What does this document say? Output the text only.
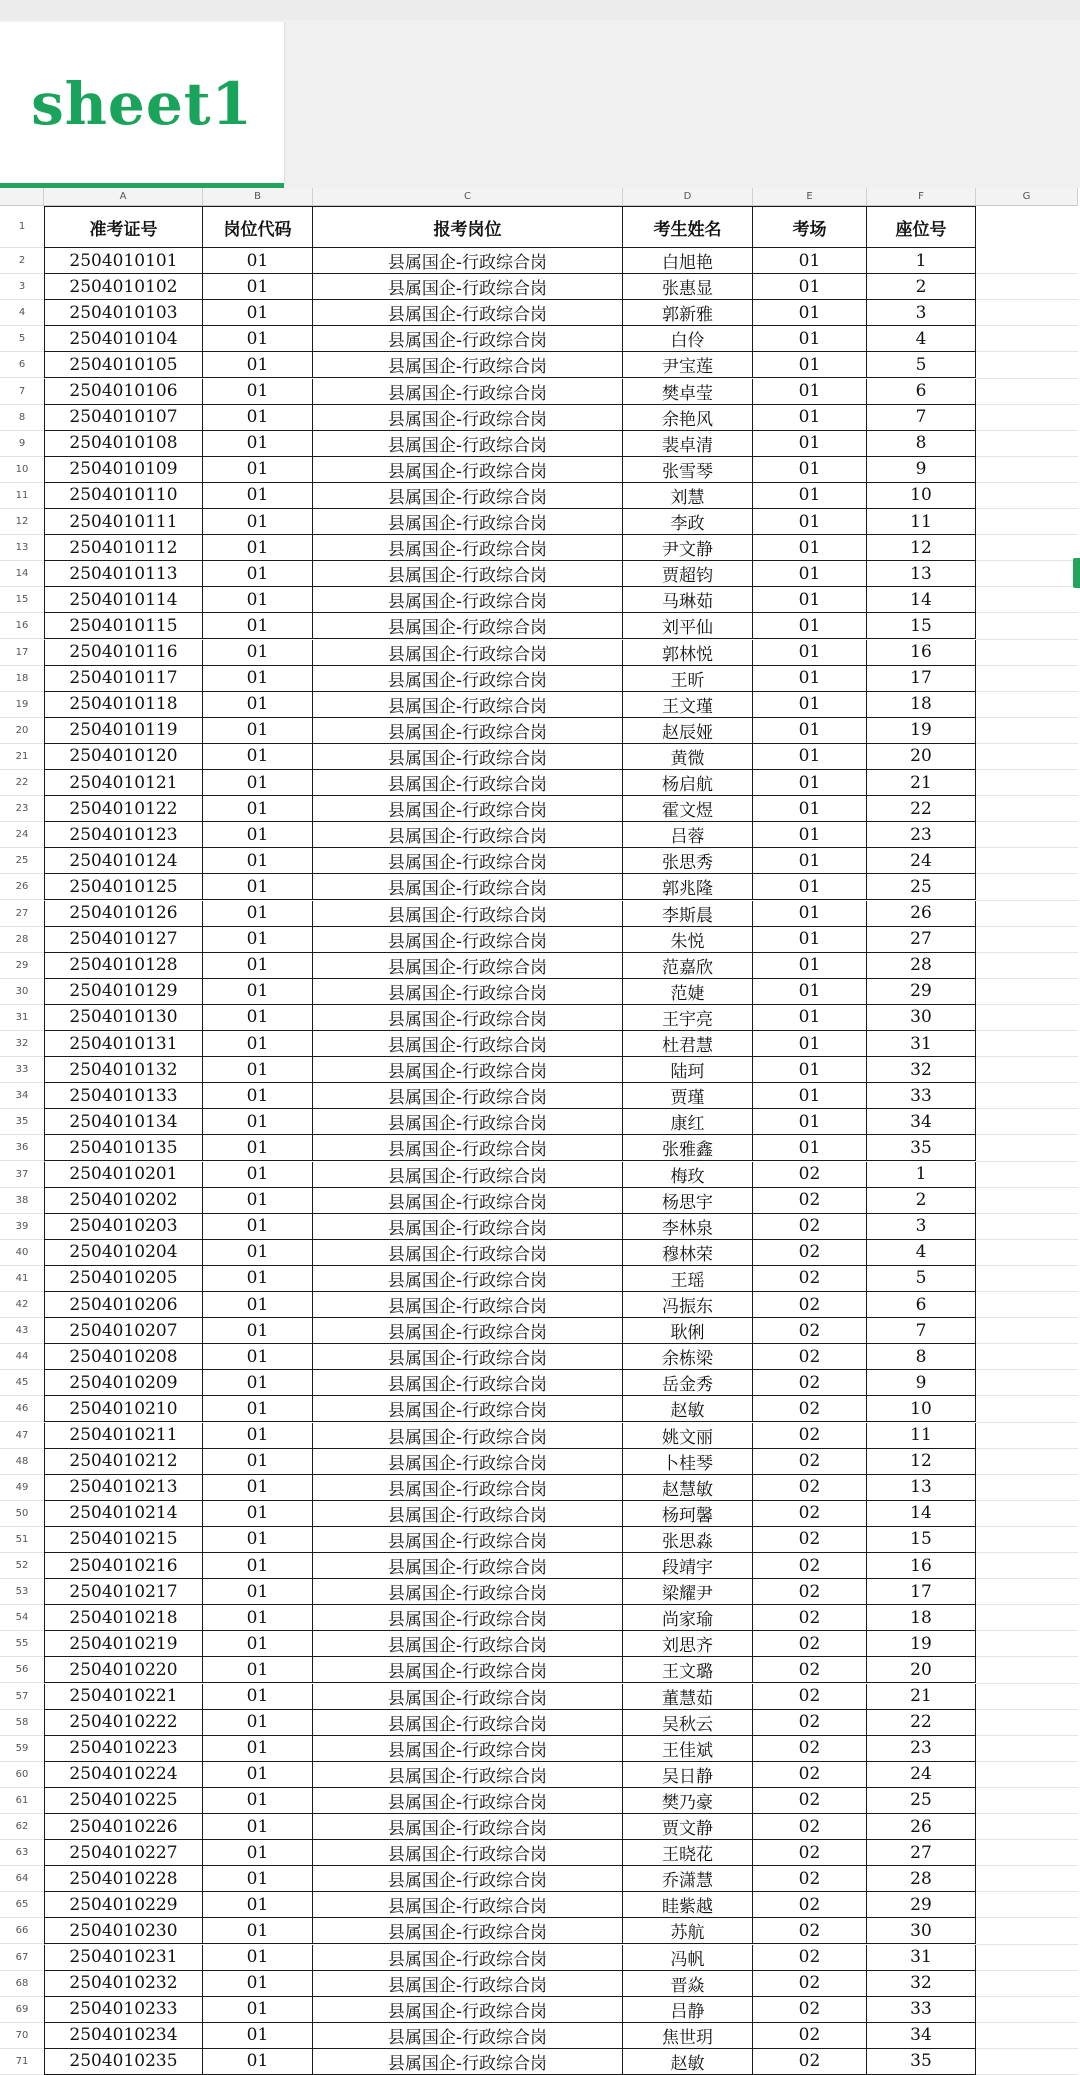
sheet1
A	B	C	D	E	F	G
1
2
3
4
5
6
7
8
9
10
11
12
13
14
15
16
17
18
19
20
21
22
23
24
25
26
27
28
29
30
31
32
33
34
35
36
37
38
39
40
41
42
43
44
45
46
47
48
49
50
51
52
53
54
55
56
57
58
59
60
61
62
63
64
65
66
67
68
69
70
71
准考证号	岗位代码	报考岗位	考生姓名	考场	座位号
2504010101	01	县属国企-行政综合岗	白旭艳	01	1
2504010102	01	县属国企-行政综合岗	张惠显	01	2
2504010103	01	县属国企-行政综合岗	郭新雅	01	3
2504010104	01	县属国企-行政综合岗	白伶	01	4
2504010105	01	县属国企-行政综合岗	尹宝莲	01	5
2504010106	01	县属国企-行政综合岗	樊卓莹	01	6
2504010107	01	县属国企-行政综合岗	余艳风	01	7
2504010108	01	县属国企-行政综合岗	裴卓清	01	8
2504010109	01	县属国企-行政综合岗	张雪琴	01	9
2504010110	01	县属国企-行政综合岗	刘慧	01	10
2504010111	01	县属国企-行政综合岗	李政	01	11
2504010112	01	县属国企-行政综合岗	尹文静	01	12
2504010113	01	县属国企-行政综合岗	贾超钧	01	13
2504010114	01	县属国企-行政综合岗	马琳茹	01	14
2504010115	01	县属国企-行政综合岗	刘平仙	01	15
2504010116	01	县属国企-行政综合岗	郭林悦	01	16
2504010117	01	县属国企-行政综合岗	王昕	01	17
2504010118	01	县属国企-行政综合岗	王文瑾	01	18
2504010119	01	县属国企-行政综合岗	赵辰娅	01	19
2504010120	01	县属国企-行政综合岗	黄微	01	20
2504010121	01	县属国企-行政综合岗	杨启航	01	21
2504010122	01	县属国企-行政综合岗	霍文煜	01	22
2504010123	01	县属国企-行政综合岗	吕蓉	01	23
2504010124	01	县属国企-行政综合岗	张思秀	01	24
2504010125	01	县属国企-行政综合岗	郭兆隆	01	25
2504010126	01	县属国企-行政综合岗	李斯晨	01	26
2504010127	01	县属国企-行政综合岗	朱悦	01	27
2504010128	01	县属国企-行政综合岗	范嘉欣	01	28
2504010129	01	县属国企-行政综合岗	范婕	01	29
2504010130	01	县属国企-行政综合岗	王宇亮	01	30
2504010131	01	县属国企-行政综合岗	杜君慧	01	31
2504010132	01	县属国企-行政综合岗	陆珂	01	32
2504010133	01	县属国企-行政综合岗	贾瑾	01	33
2504010134	01	县属国企-行政综合岗	康红	01	34
2504010135	01	县属国企-行政综合岗	张雅鑫	01	35
2504010201	01	县属国企-行政综合岗	梅玫	02	1
2504010202	01	县属国企-行政综合岗	杨思宇	02	2
2504010203	01	县属国企-行政综合岗	李林泉	02	3
2504010204	01	县属国企-行政综合岗	穆林荣	02	4
2504010205	01	县属国企-行政综合岗	王瑶	02	5
2504010206	01	县属国企-行政综合岗	冯振东	02	6
2504010207	01	县属国企-行政综合岗	耿俐	02	7
2504010208	01	县属国企-行政综合岗	余栋梁	02	8
2504010209	01	县属国企-行政综合岗	岳金秀	02	9
2504010210	01	县属国企-行政综合岗	赵敏	02	10
2504010211	01	县属国企-行政综合岗	姚文丽	02	11
2504010212	01	县属国企-行政综合岗	卜桂琴	02	12
2504010213	01	县属国企-行政综合岗	赵慧敏	02	13
2504010214	01	县属国企-行政综合岗	杨珂馨	02	14
2504010215	01	县属国企-行政综合岗	张思淼	02	15
2504010216	01	县属国企-行政综合岗	段靖宇	02	16
2504010217	01	县属国企-行政综合岗	梁耀尹	02	17
2504010218	01	县属国企-行政综合岗	尚家瑜	02	18
2504010219	01	县属国企-行政综合岗	刘思齐	02	19
2504010220	01	县属国企-行政综合岗	王文璐	02	20
2504010221	01	县属国企-行政综合岗	董慧茹	02	21
2504010222	01	县属国企-行政综合岗	吴秋云	02	22
2504010223	01	县属国企-行政综合岗	王佳斌	02	23
2504010224	01	县属国企-行政综合岗	吴日静	02	24
2504010225	01	县属国企-行政综合岗	樊乃豪	02	25
2504010226	01	县属国企-行政综合岗	贾文静	02	26
2504010227	01	县属国企-行政综合岗	王晓花	02	27
2504010228	01	县属国企-行政综合岗	乔潇慧	02	28
2504010229	01	县属国企-行政综合岗	眭紫越	02	29
2504010230	01	县属国企-行政综合岗	苏航	02	30
2504010231	01	县属国企-行政综合岗	冯帆	02	31
2504010232	01	县属国企-行政综合岗	晋焱	02	32
2504010233	01	县属国企-行政综合岗	吕静	02	33
2504010234	01	县属国企-行政综合岗	焦世玥	02	34
2504010235	01	县属国企-行政综合岗	赵敏	02	35
